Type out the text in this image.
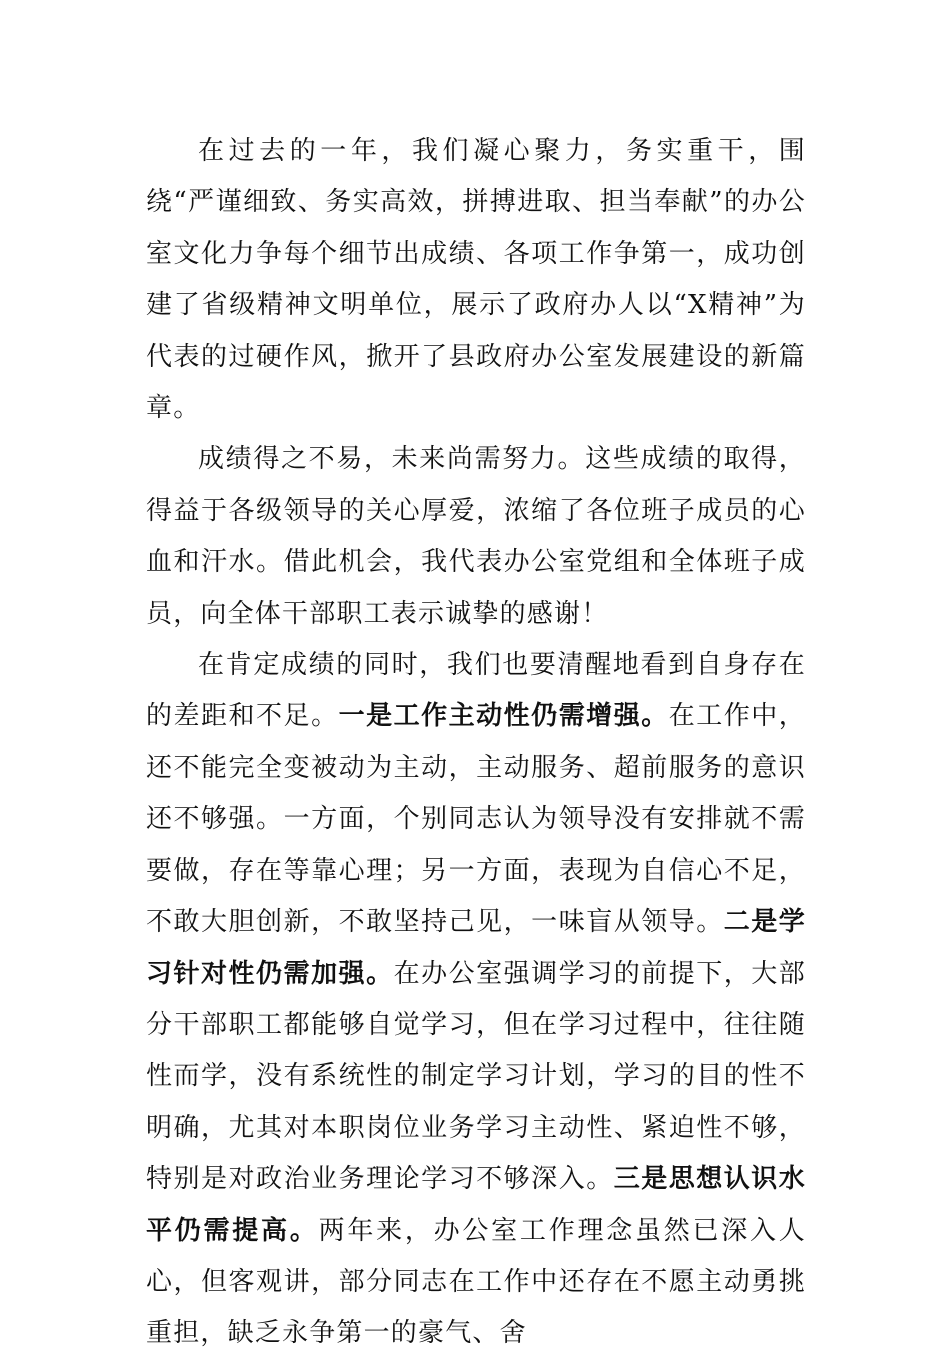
在过去的一年，我们凝心聚力，务实重干，围绕“严谨细致、务实高效，拼搏进取、担当奉献”的办公室文化力争每个细节出成绩、各项工作争第一，成功创建了省级精神文明单位，展示了政府办人以“X精神”为代表的过硬作风，掀开了县政府办公室发展建设的新篇章。

成绩得之不易，未来尚需努力。这些成绩的取得，得益于各级领导的关心厚爱，浓缩了各位班子成员的心血和汗水。借此机会，我代表办公室党组和全体班子成员，向全体干部职工表示诚挚的感谢！

在肯定成绩的同时，我们也要清醒地看到自身存在的差距和不足。一是工作主动性仍需增强。在工作中，还不能完全变被动为主动，主动服务、超前服务的意识还不够强。一方面，个别同志认为领导没有安排就不需要做，存在等靠心理；另一方面，表现为自信心不足，不敢大胆创新，不敢坚持己见，一味盲从领导。二是学习针对性仍需加强。在办公室强调学习的前提下，大部分干部职工都能够自觉学习，但在学习过程中，往往随性而学，没有系统性的制定学习计划，学习的目的性不明确，尤其对本职岗位业务学习主动性、紧迫性不够，特别是对政治业务理论学习不够深入。三是思想认识水平仍需提高。两年来，办公室工作理念虽然已深入人心，但客观讲，部分同志在工作中还存在不愿主动勇挑重担，缺乏永争第一的豪气、舍
